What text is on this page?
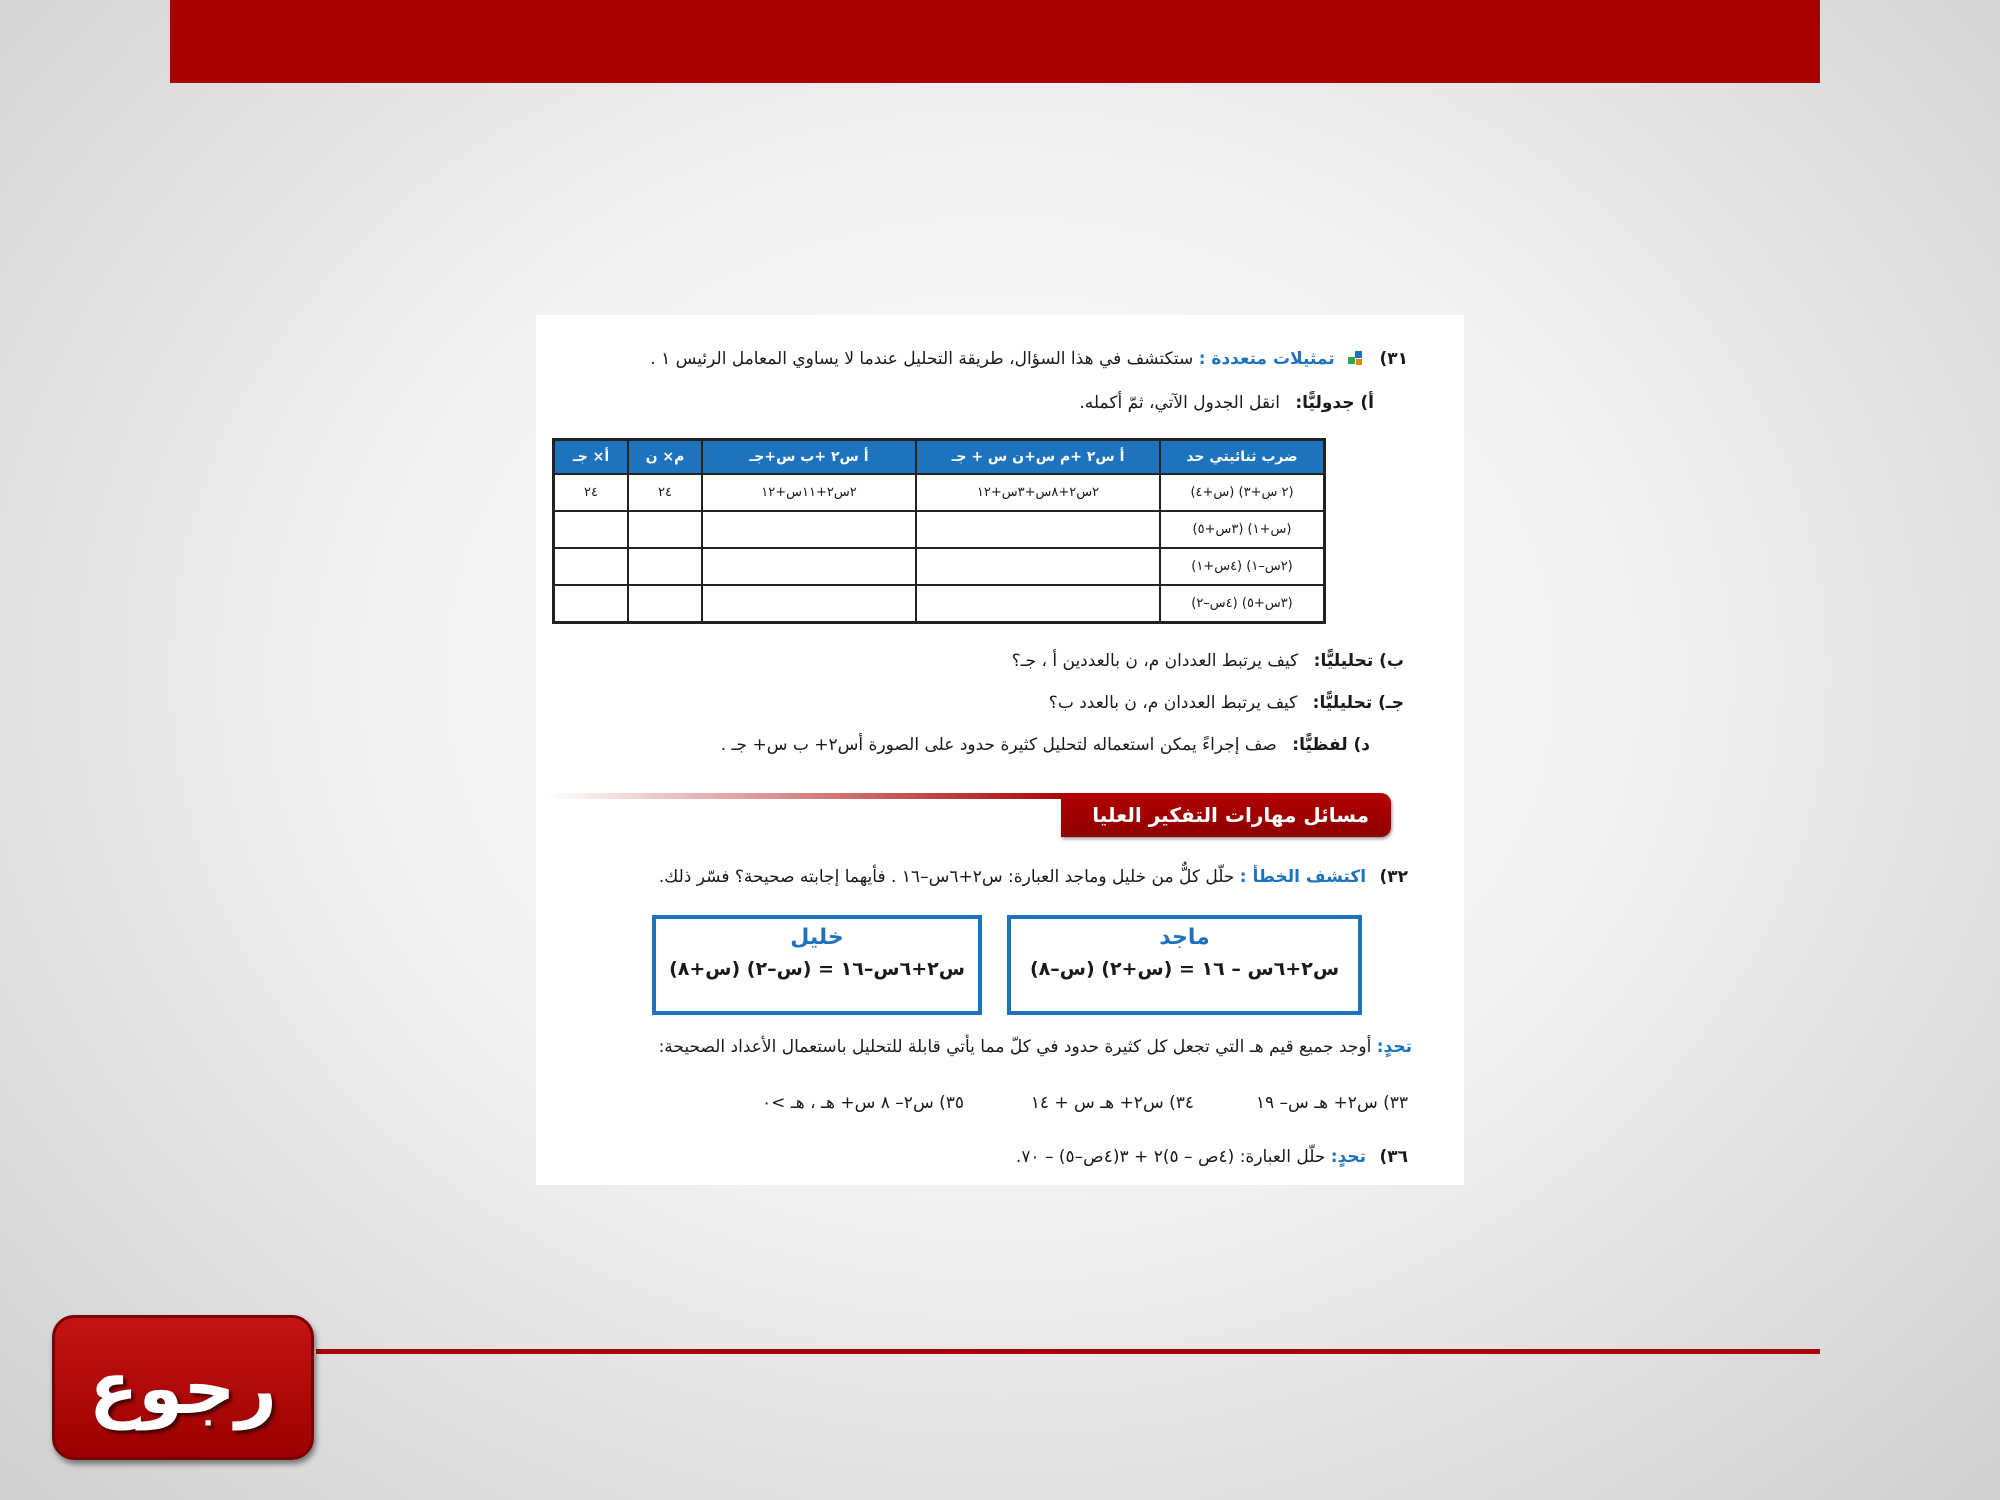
٣١)  تمثيلات متعددة : ستكتشف في هذا السؤال، طريقة التحليل عندما لا يساوي المعامل الرئيس ١ .
أ) جدوليًّا: انقل الجدول الآتي، ثمّ أكمله.
ضرب ثنائيتي حد	أ س٢ +م س+ن س + جـ	أ س٢ +ب س+جـ	م× ن	أ× جـ
(٢ س+٣) (س+٤)	٢س٢+٨س+٣س+١٢	٢س٢+١١س+١٢	٢٤	٢٤
(س+١) (٣س+٥)				
(٢س–١) (٤س+١)				
(٣س+٥) (٤س–٢)				
ب) تحليليًّا: كيف يرتبط العددان م، ن بالعددين أ ، جـ؟
جـ) تحليليًّا: كيف يرتبط العددان م، ن بالعدد ب؟
د) لفظيًّا: صف إجراءً يمكن استعماله لتحليل كثيرة حدود على الصورة أس٢+ ب س+ جـ .
مسائل مهارات التفكير العليا
٣٢) اكتشف الخطأ : حلّل كلٌّ من خليل وماجد العبارة: س٢+٦س–١٦ . فأيهما إجابته صحيحة؟ فسّر ذلك.
ماجد
س٢+٦س – ١٦ = (س+٢) (س–٨)
خليل
س٢+٦س–١٦ = (س–٢) (س+٨)
تحدٍ: أوجد جميع قيم هـ التي تجعل كل كثيرة حدود في كلّ مما يأتي قابلة للتحليل باستعمال الأعداد الصحيحة:
٣٣) س٢+ هـ س– ١٩
٣٤) س٢+ هـ س + ١٤
٣٥) س٢– ٨ س+ هـ ، هـ >٠
٣٦) تحدٍ: حلّل العبارة: (٤ص – ٥)٢ + ٣(٤ص–٥) – ٧٠.
رجوع
